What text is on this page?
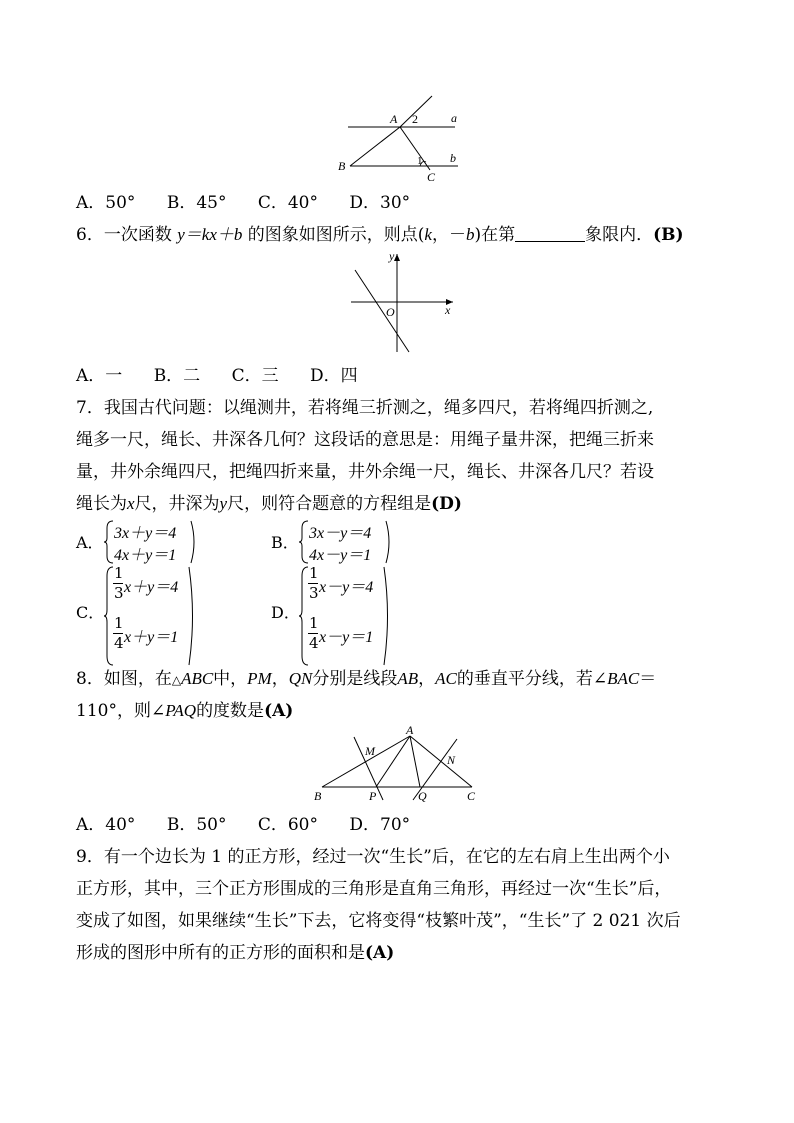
A 2	a
B	1 b
C
A．50° B．45° C．40° D．30°
6．一次函数 y＝kx＋b 的图象如图所示，则点(k，－b)在第	象限内．(B)
y
x
O
A．一 B．二 C．三 D．四
7．我国古代问题：以绳测井，若将绳三折测之，绳多四尺，若将绳四折测之,
绳多一尺，绳长、井深各几何？这段话的意思是：用绳子量井深，把绳三折来
量，井外余绳四尺，把绳四折来量，井外余绳一尺，绳长、井深各几尺？若设
绳长为x尺，井深为y尺，则符合题意的方程组是(D)
A． 3x＋y＝4
4x＋y＝1
B． 3x－y＝4
4x－y＝1
C．
1
3 x＋y＝4
1
4 x＋y＝1
D．
1
3 x－y＝4
1
4 x－y＝1
8．如图，在△ABC中，PM，QN分别是线段AB，AC的垂直平分线，若∠BAC＝
110°，则∠PAQ的度数是(A)
A
M
N
B	P	Q	C
A．40° B．50° C．60° D．70°
9．有一个边长为 1 的正方形，经过一次“生长”后，在它的左右肩上生出两个小
正方形，其中，三个正方形围成的三角形是直角三角形，再经过一次“生长”后，
变成了如图，如果继续“生长”下去，它将变得“枝繁叶茂”，“生长”了 2 021 次后
形成的图形中所有的正方形的面积和是(A)
